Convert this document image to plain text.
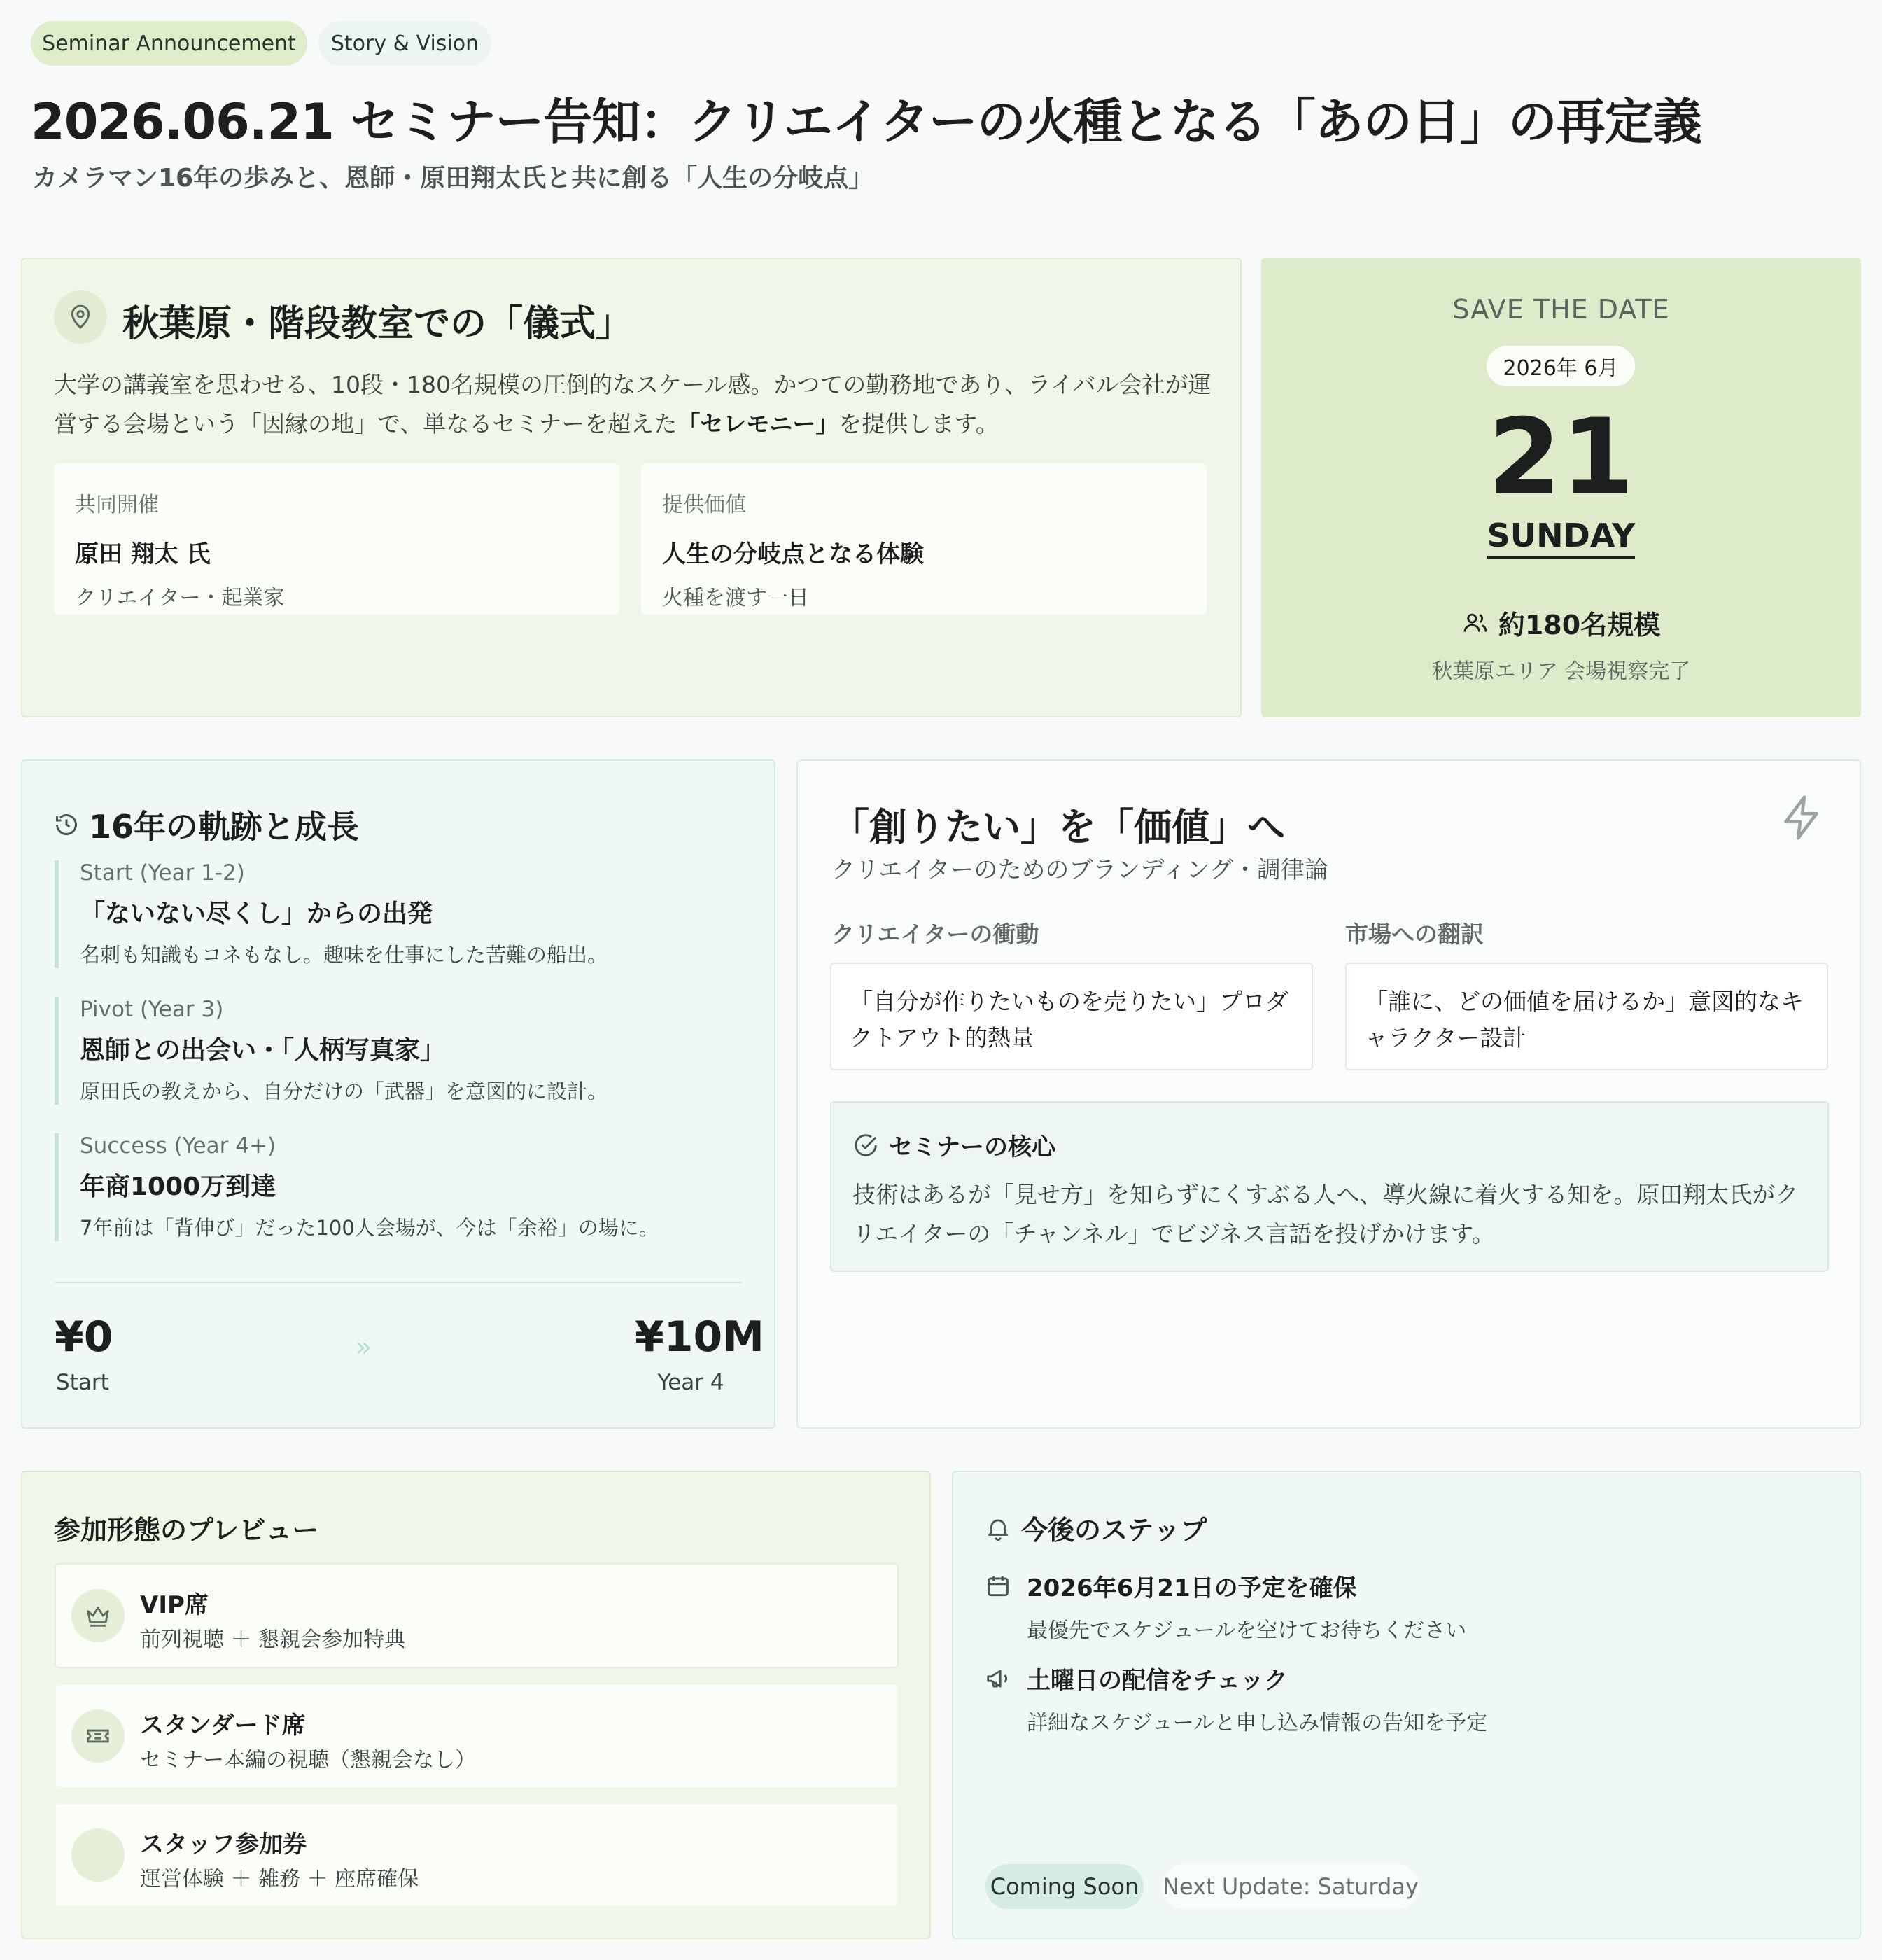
Seminar Announcement	Story & Vision
2026.06.21 セミナー告知：クリエイターの火種となる「あの日」の再定義
カメラマン16年の歩みと、恩師・原田翔太氏と共に創る「人生の分岐点」
秋葉原・階段教室での「儀式」

大学の講義室を思わせる、10段・180名規模の圧倒的なスケール感。かつての勤務地であり、ライバル会社が運営する会場という「因縁の地」で、単なるセミナーを超えた「セレモニー」を提供します。

共同開催
原田 翔太 氏
クリエイター・起業家
提供価値
人生の分岐点となる体験
火種を渡す一日
SAVE THE DATE
2026年 6月
21
SUNDAY
約180名規模
秋葉原エリア 会場視察完了
16年の軌跡と成長
Start (Year 1-2)
「ないない尽くし」からの出発
名刺も知識もコネもなし。趣味を仕事にした苦難の船出。
Pivot (Year 3)
恩師との出会い・「人柄写真家」
原田氏の教えから、自分だけの「武器」を意図的に設計。
Success (Year 4+)
年商1000万到達
7年前は「背伸び」だった100人会場が、今は「余裕」の場に。
¥0
Start
»	¥10M
Year 4
「創りたい」を「価値」へ
クリエイターのためのブランディング・調律論
クリエイターの衝動	市場への翻訳
「自分が作りたいものを売りたい」プロダクトアウト的熱量
「誰に、どの価値を届けるか」意図的なキャラクター設計
セミナーの核心

技術はあるが「見せ方」を知らずにくすぶる人へ、導火線に着火する知を。原田翔太氏がクリエイターの「チャンネル」でビジネス言語を投げかけます。

参加形態のプレビュー
VIP席
前列視聴 ＋ 懇親会参加特典
スタンダード席
セミナー本編の視聴（懇親会なし）
スタッフ参加券
運営体験 ＋ 雑務 ＋ 座席確保
今後のステップ
2026年6月21日の予定を確保
最優先でスケジュールを空けてお待ちください
土曜日の配信をチェック
詳細なスケジュールと申し込み情報の告知を予定
Coming Soon Next Update: Saturday
